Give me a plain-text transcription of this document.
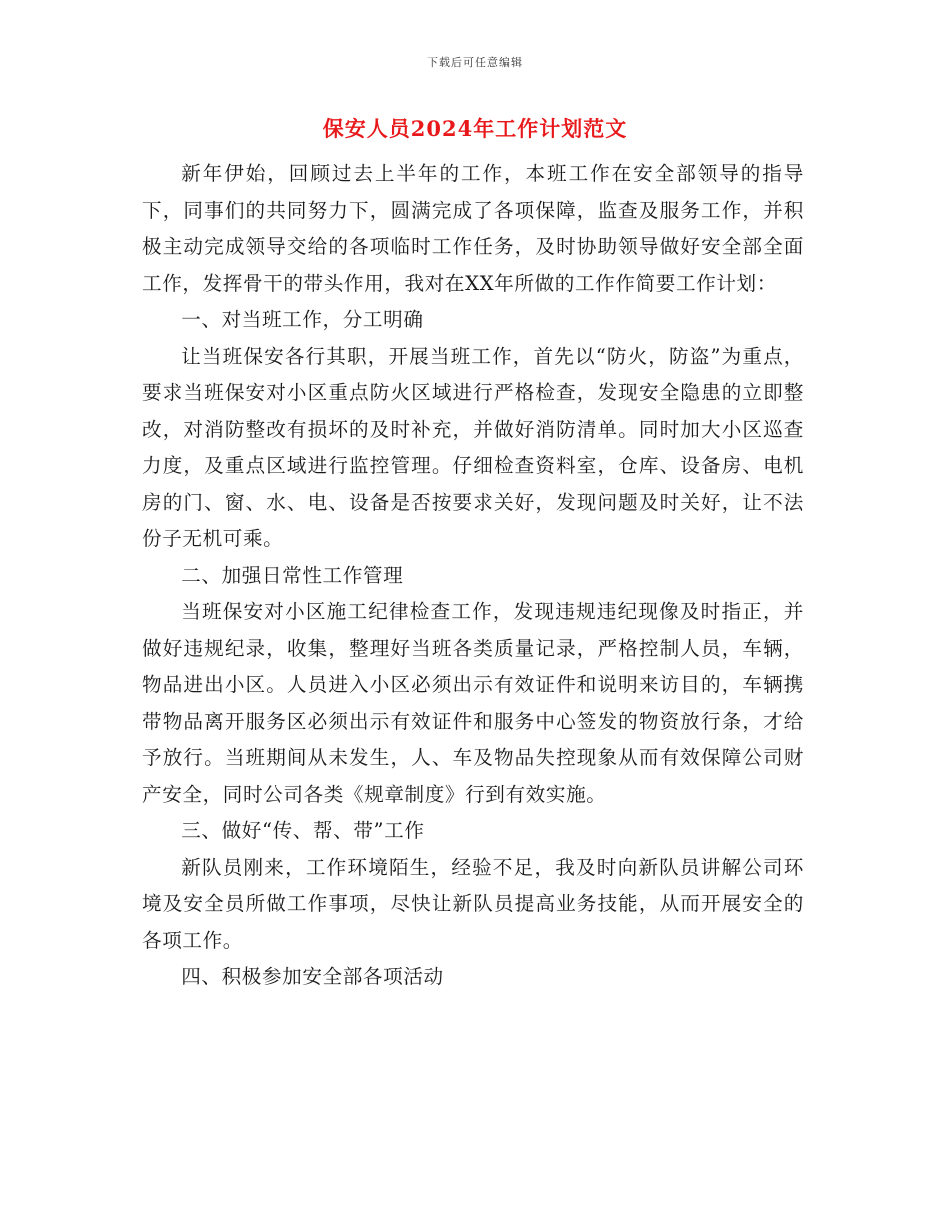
下载后可任意编辑
保安人员2024年工作计划范文

新年伊始，回顾过去上半年的工作，本班工作在安全部领导的指导下，同事们的共同努力下，圆满完成了各项保障，监查及服务工作，并积极主动完成领导交给的各项临时工作任务，及时协助领导做好安全部全面工作，发挥骨干的带头作用，我对在XX年所做的工作作简要工作计划：

一、对当班工作，分工明确

让当班保安各行其职，开展当班工作，首先以“防火，防盗”为重点，要求当班保安对小区重点防火区域进行严格检查，发现安全隐患的立即整改，对消防整改有损坏的及时补充，并做好消防清单。同时加大小区巡查力度，及重点区域进行监控管理。仔细检查资料室，仓库、设备房、电机房的门、窗、水、电、设备是否按要求关好，发现问题及时关好，让不法份子无机可乘。

二、加强日常性工作管理

当班保安对小区施工纪律检查工作，发现违规违纪现像及时指正，并做好违规纪录，收集，整理好当班各类质量记录，严格控制人员，车辆，物品进出小区。人员进入小区必须出示有效证件和说明来访目的，车辆携带物品离开服务区必须出示有效证件和服务中心签发的物资放行条，才给予放行。当班期间从未发生，人、车及物品失控现象从而有效保障公司财产安全，同时公司各类《规章制度》行到有效实施。

三、做好“传、帮、带”工作

新队员刚来，工作环境陌生，经验不足，我及时向新队员讲解公司环境及安全员所做工作事项，尽快让新队员提高业务技能，从而开展安全的各项工作。

四、积极参加安全部各项活动
